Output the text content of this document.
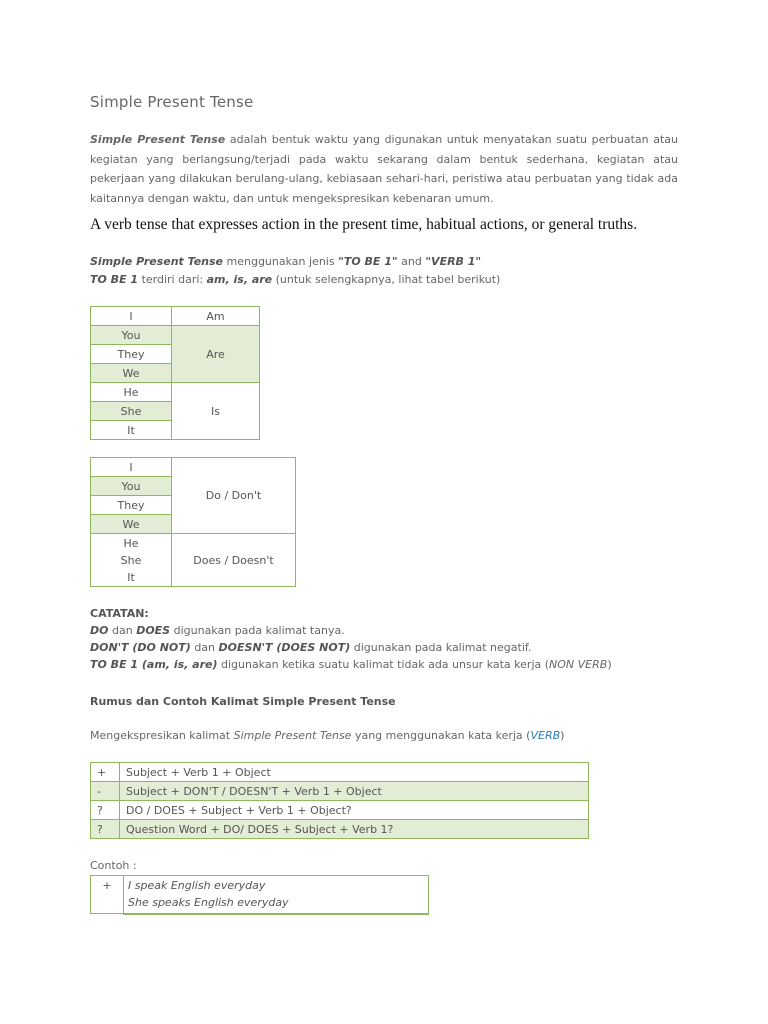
Simple Present Tense
Simple Present Tense adalah bentuk waktu yang digunakan untuk menyatakan suatu perbuatan atau kegiatan yang berlangsung/terjadi pada waktu sekarang dalam bentuk sederhana, kegiatan atau pekerjaan yang dilakukan berulang-ulang, kebiasaan sehari-hari, peristiwa atau perbuatan yang tidak ada kaitannya dengan waktu, dan untuk mengekspresikan kebenaran umum.
A verb tense that expresses action in the present time, habitual actions, or general truths.
Simple Present Tense menggunakan jenis "TO BE 1" and "VERB 1"
TO BE 1 terdiri dari: am, is, are (untuk selengkapnya, lihat tabel berikut)
I	Am
You	Are
They	
We	
He	Is
She	
It	
I	Do / Don't
You	
They	
We	

He
She
It	Does / Doesn't
CATATAN:
DO dan DOES digunakan pada kalimat tanya.
DON'T (DO NOT) dan DOESN'T (DOES NOT) digunakan pada kalimat negatif.
TO BE 1 (am, is, are) digunakan ketika suatu kalimat tidak ada unsur kata kerja (NON VERB)
Rumus dan Contoh Kalimat Simple Present Tense
Mengekspresikan kalimat Simple Present Tense yang menggunakan kata kerja (VERB)
+	Subject + Verb 1 + Object
-	Subject + DON'T / DOESN'T + Verb 1 + Object
?	DO / DOES + Subject + Verb 1 + Object?
?	Question Word + DO/ DOES + Subject + Verb 1?
Contoh :
+	I speak English everyday
She speaks English everyday
